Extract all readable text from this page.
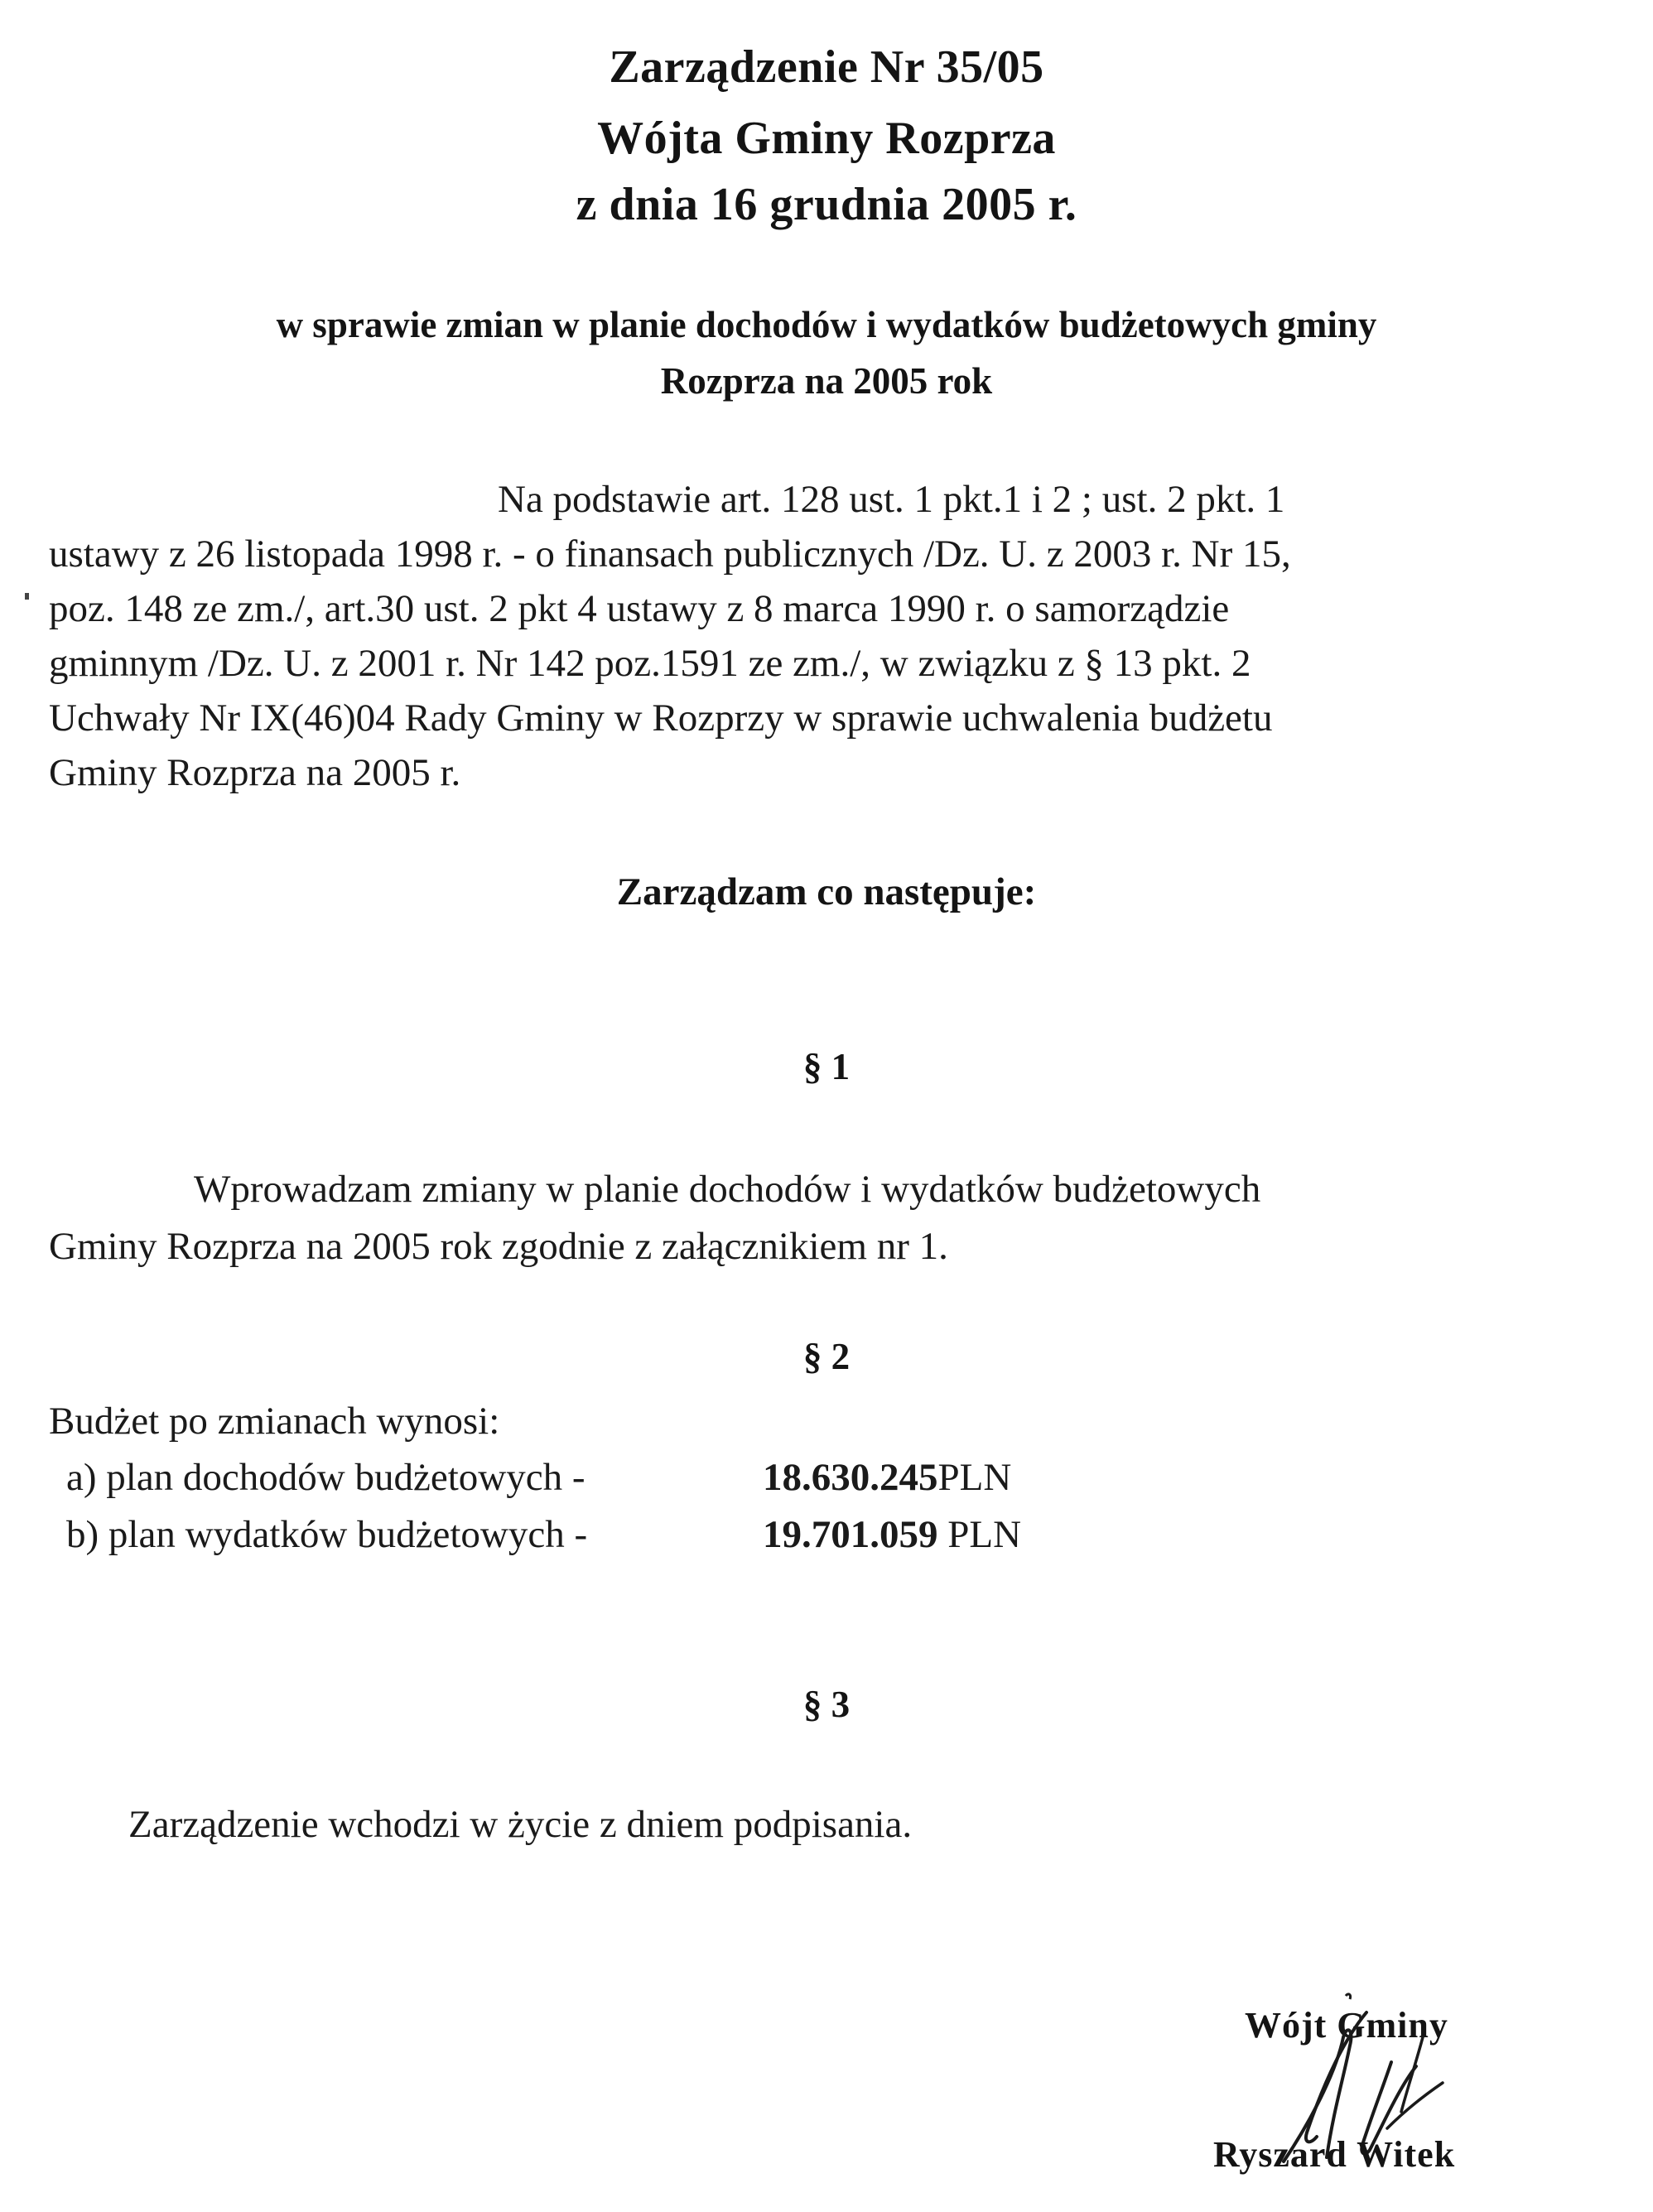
Zarządzenie Nr 35/05
Wójta Gminy Rozprza
z dnia 16 grudnia 2005 r.
w sprawie zmian w planie dochodów i wydatków budżetowych gminy
Rozprza na 2005 rok
Na podstawie art. 128 ust. 1 pkt.1 i 2 ; ust. 2 pkt. 1
ustawy z 26 listopada 1998 r. - o finansach publicznych /Dz. U. z 2003 r. Nr 15,
poz. 148 ze zm./, art.30 ust. 2 pkt 4 ustawy z 8 marca 1990 r. o samorządzie
gminnym /Dz. U. z 2001 r. Nr 142 poz.1591 ze zm./, w związku z § 13 pkt. 2
Uchwały Nr IX(46)04 Rady Gminy w Rozprzy w sprawie uchwalenia budżetu
Gminy Rozprza na 2005 r.
Zarządzam co następuje:
§ 1
Wprowadzam zmiany w planie dochodów i wydatków budżetowych
Gminy Rozprza na 2005 rok zgodnie z załącznikiem nr 1.
§ 2
Budżet po zmianach wynosi:
a) plan dochodów budżetowych -	18.630.245PLN
b) plan wydatków budżetowych -	19.701.059 PLN
§ 3
Zarządzenie wchodzi w życie z dniem podpisania.
Wójt Gminy
Ryszard Witek
